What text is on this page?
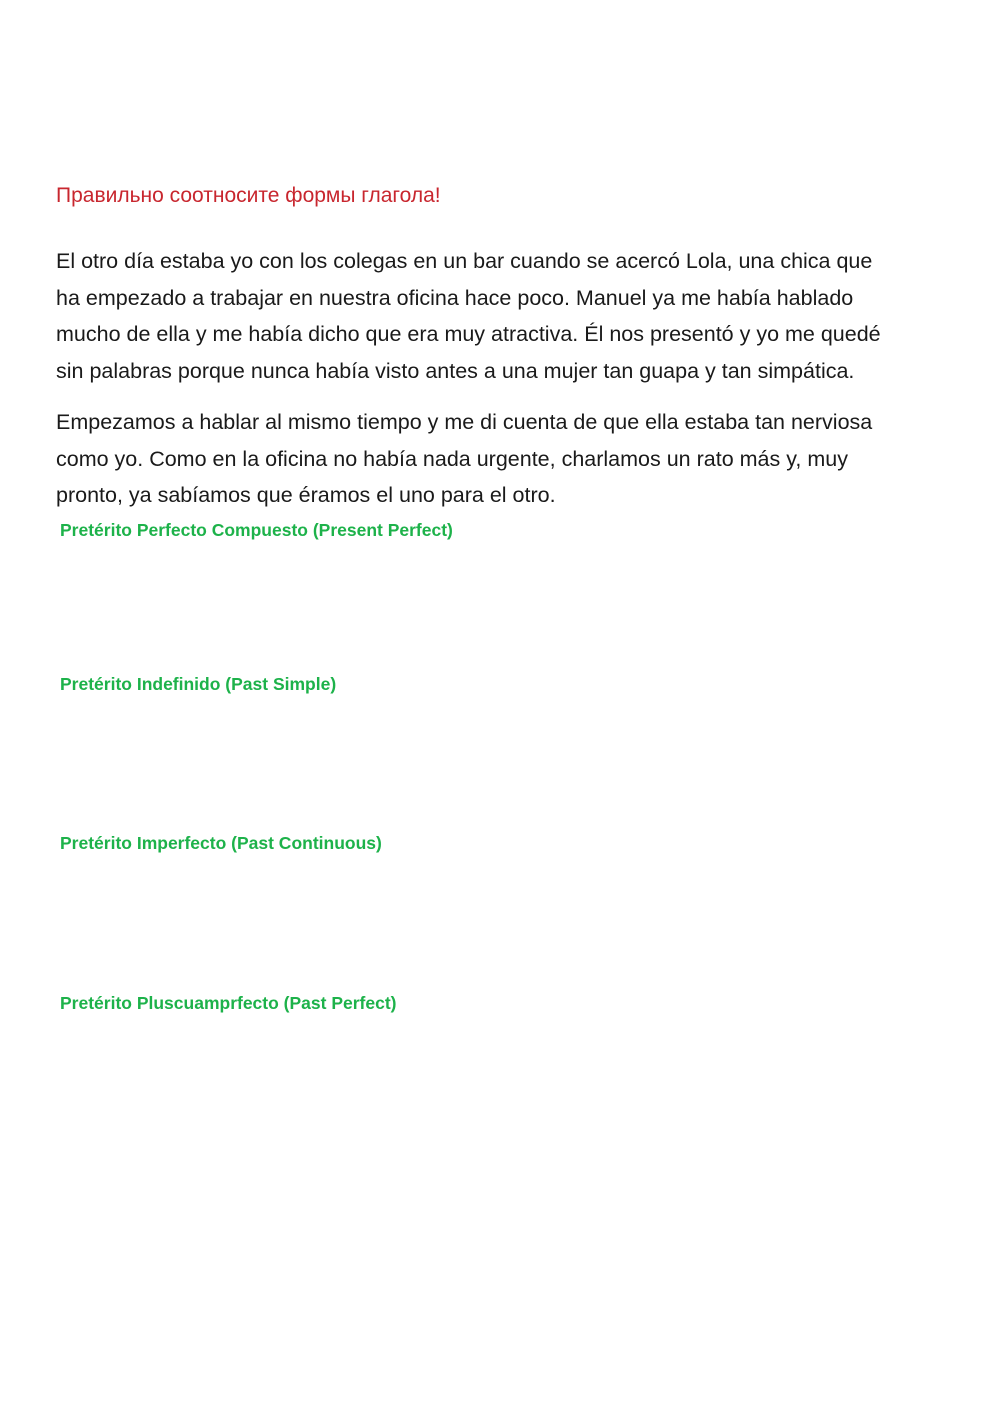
Правильно соотносите формы глагола!

El otro día estaba yo con los colegas en un bar cuando se acercó Lola, una chica que
ha empezado a trabajar en nuestra oficina hace poco. Manuel ya me había hablado
mucho de ella y me había dicho que era muy atractiva. Él nos presentó y yo me quedé
sin palabras porque nunca había visto antes a una mujer tan guapa y tan simpática.

Empezamos a hablar al mismo tiempo y me di cuenta de que ella estaba tan nerviosa
como yo. Como en la oficina no había nada urgente, charlamos un rato más y, muy
pronto, ya sabíamos que éramos el uno para el otro.

Pretérito Perfecto Compuesto (Present Perfect)
Pretérito Indefinido (Past Simple)
Pretérito Imperfecto (Past Continuous)
Pretérito Pluscuamprfecto (Past Perfect)
